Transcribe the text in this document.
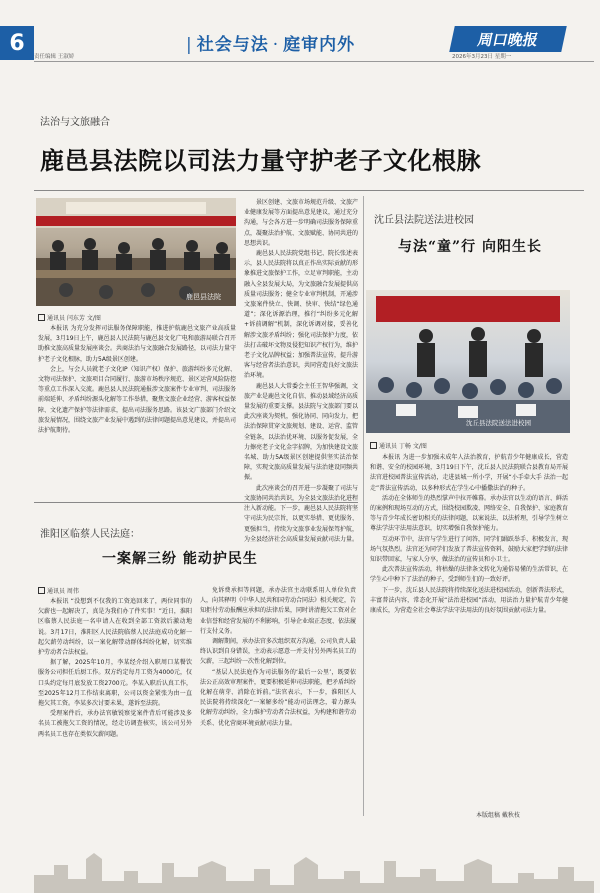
6	| 社会与法 · 庭审内外	周口晚报
责任编辑 王淑娇	2026年3月23日 星期一
法治与文旅融合
鹿邑县法院以司法力量守护老子文化根脉
鹿邑县法院
通讯员 闫东芳 文/图

本报讯 为充分发挥司法服务保障职能，推进护航鹿邑文旅产业高质量发展，3月19日上午，鹿邑县人民法院与鹿邑县文化广电和旅游局联合召开助推文旅高质量发展座谈会。共商法治与文旅融合发展路径，以司法力量守护老子文化根脉，助力5A级景区创建。

会上，与会人员就老子文化IP（知识产权）保护、旅游纠纷多元化解、文物司法保护、文旅项目合同履行、旅游市场秩序规范、景区运营风险防控等重点工作深入交流。鹿邑县人民法院通报涉文旅案件专业审判、司法服务前端延伸、矛盾纠纷源头化解等工作举措，聚焦文旅企业经营、游客权益保障、文化遗产保护等法律需求，提出司法服务思路。该县文广旅部门介绍文旅发展情况，围绕文旅产业发展中遇到的法律问题提出意见建议，并提出司法护航期待。

景区创建、文旅市场规范升级、文旅产业健康发展等方面提出意见建议，通过充分沟通，与会各方进一步明确司法服务保障重点，凝聚法治护航、文旅赋能、协同共进的思想共识。

鹿邑县人民法院党组书记、院长张述表示，县人民法院将以真正作出实际贡献的形象推进文旅保护工作，立足审判职能，主动融入全县发展大局，为文旅融合发展提供高质量司法服务；健全专业审判机制，开通涉文旅案件快立、快调、快审、快结“绿色通道”；深化诉源治理，推行“纠纷多元化解+诉前调解”机制，深化诉调对接，妥善化解涉文旅矛盾纠纷；强化司法保护力度，依法打击破坏文物及侵犯知识产权行为，维护老子文化品牌权益；加强普法宣传，提升游客与经营者法治意识，共同营造良好文旅法治环境。

鹿邑县人大常委会主任王智华强调，文旅产业是鹿邑文化自信、推动县域经济高质量发展的重要支撑。县法院与文旅部门要以此次座谈为契机，强化协同、同向发力，把法治保障贯穿文旅规划、建设、运营、监管全链条，以法治优环境、以服务促发展，全力擦亮老子文化金字招牌，为加快建设文旅名城、助力5A级景区创建提供坚实法治保障，实现文旅高质量发展与法治建设同频共振。

此次座谈会的召开进一步凝聚了司法与文旅协同共治共识，为全县文旅法治化进程注入新动能。下一步，鹿邑县人民法院将坚守司法为民宗旨，以更实举措、更优服务、更强担当，持续为文旅事业发展保驾护航，为全县经济社会高质量发展贡献司法力量。

淮阳区临蔡人民法庭：
一案解三纷 能动护民生
通讯员 周伟

本报讯 “没想到不仅我的工资追回来了，两位同事的欠薪也一起解决了，真是为我们办了件实事！”近日，淮阳区临蔡人民法庭一名申请人在收到全部工资款后激动地说。3月17日，淮阳区人民法院临蔡人民法庭成功化解一起欠薪劳动纠纷，以一案化解带动群体纠纷化解，切实维护劳动者合法权益。

据了解，2025年10月，李某经介绍入职周口某餐饮服务公司担任后厨工作。双方约定每月工资为4000元，仅口头约定每月底发放工资2700元。李某入职后认真工作，至2025年12月工作结束离职，公司以资金紧张为由一直拖欠其工资。李某多次讨要未果，遂诉至法院。

受理案件后，承办法官敏锐察觉案件背后可能涉及多名员工被拖欠工资的情况，经走访调查核实，该公司另外两名员工也存在类似欠薪问题。

免诉费承担等问题，承办法官主动联系用人单位负责人，向其释明《中华人民共和国劳动合同法》相关规定，告知拒付劳动报酬应承担的法律后果，同时讲清拖欠工资对企业信誉和经营发展的不利影响，引导企业端正态度、依法履行支付义务。

调解期间，承办法官多次组织双方沟通，公司负责人最终认识到自身错误，主动表示愿意一并支付另外两名员工的欠薪，三起纠纷一次性化解到位。

“基层人民法庭作为司法服务的‘最后一公里’，既要依法公正高效审理案件，更要积极延伸司法职能，把矛盾纠纷化解在萌芽、消除在诉前。”法官表示，下一步，淮阳区人民法院将持续深化“一案解多纷”能动司法理念，着力源头化解劳动纠纷，全力维护劳动者合法权益，为构建和谐劳动关系、优化营商环境贡献司法力量。

沈丘县法院送法进校园
与法“童”行 向阳生长
沈丘县法院送法进校园
通讯员 丁畅 文/图

本报讯 为进一步加强未成年人法治教育，护航青少年健康成长，营造和谐、安全的校园环境，3月19日下午，沈丘县人民法院联合县教育局开展法官进校园普法宣传活动，走进县城一所小学，开展“小手牵大手 法治一起走”普法宣传活动，以多种形式在学生心中播撒法治的种子。

活动在全体师生的热烈掌声中拉开帷幕。承办法官以生动的语言、鲜活的案例和现场互动的方式，围绕校园欺凌、网络安全、自我保护、家庭教育等与青少年成长密切相关的法律问题，以案说法、以法析理，引导学生树立尊法学法守法用法意识，切实增强自我保护能力。

互动环节中，法官与学生进行了问答，同学们踊跃举手、积极发言，现场气氛热烈。法官还为同学们发放了普法宣传资料，鼓励大家把学到的法律知识带回家，与家人分享，做法治的宣传员和小卫士。

此次普法宣传活动，将枯燥的法律条文转化为通俗易懂的生活常识，在学生心中种下了法治的种子，受到师生们的一致好评。

下一步，沈丘县人民法院将持续深化送法进校园活动，创新普法形式，丰富普法内容，常态化开展“法治进校园”活动，用法治力量护航青少年健康成长，为营造全社会尊法学法守法用法的良好氛围贡献司法力量。

本版组稿 戴秋枝
